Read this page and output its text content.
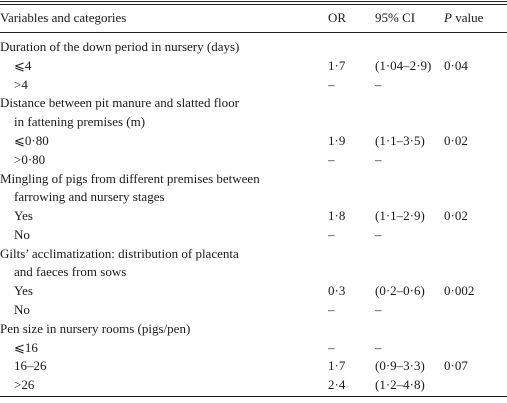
Variables and categories	OR 95% CI P value
Duration of the down period in nursery (days)
⩽4	1·7 (1·04–2·9) 0·04
>4	–	–
Distance between pit manure and slatted floor
in fattening premises (m)
⩽0·80	1·9 (1·1–3·5) 0·02
>0·80	–	–
Mingling of pigs from different premises between
farrowing and nursery stages
Yes	1·8 (1·1–2·9) 0·02
No	–	–
Gilts’ acclimatization: distribution of placenta
and faeces from sows
Yes	0·3 (0·2–0·6) 0·002
No	–	–
Pen size in nursery rooms (pigs/pen)
⩽16	–	–
16–26	1·7 (0·9–3·3) 0·07
>26	2·4 (1·2–4·8)
